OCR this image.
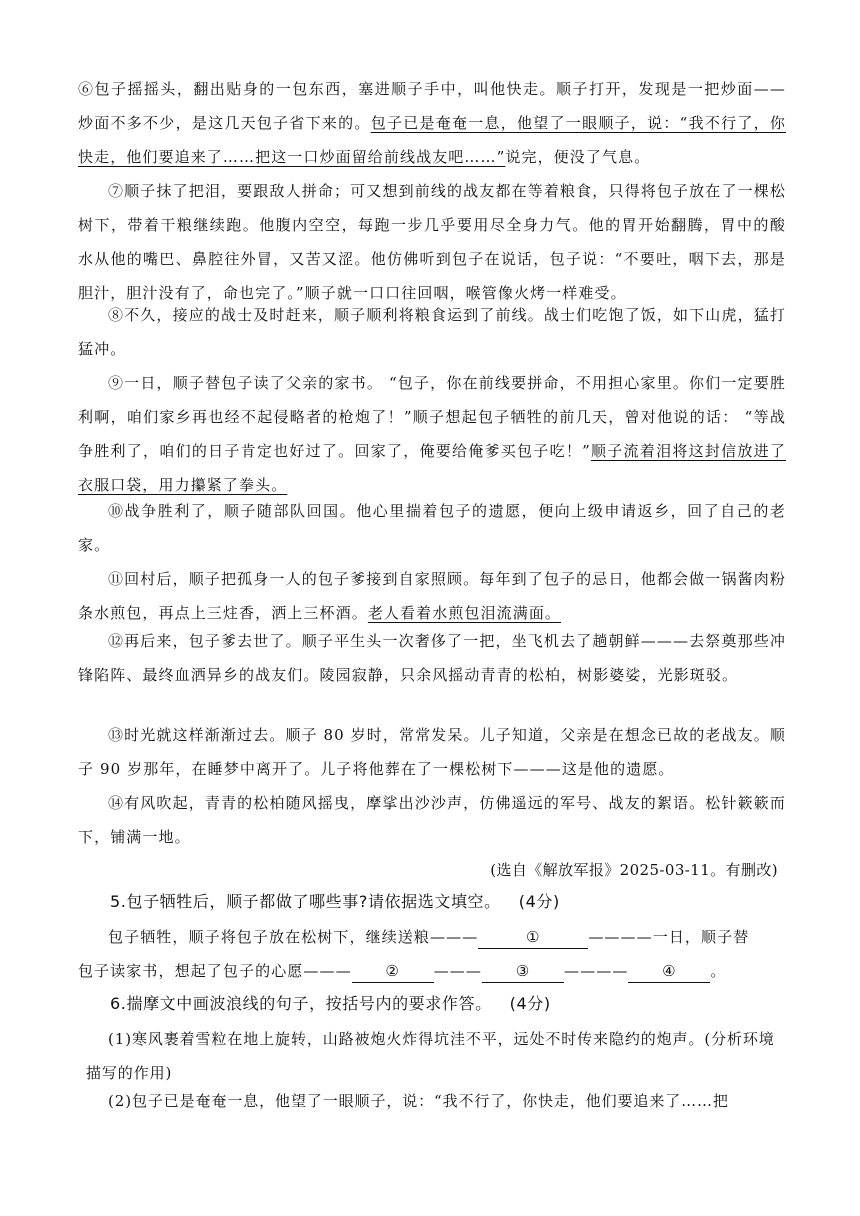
⑥包子摇摇头，翻出贴身的一包东西，塞进顺子手中，叫他快走。顺子打开，发现是一把炒面——炒面不多不少，是这几天包子省下来的。包子已是奄奄一息，他望了一眼顺子，说：“我不行了，你快走，他们要追来了……把这一口炒面留给前线战友吧……”说完，便没了气息。

⑦顺子抹了把泪，要跟敌人拼命；可又想到前线的战友都在等着粮食，只得将包子放在了一棵松树下，带着干粮继续跑。他腹内空空，每跑一步几乎要用尽全身力气。他的胃开始翻腾，胃中的酸水从他的嘴巴、鼻腔往外冒，又苦又涩。他仿佛听到包子在说话，包子说：“不要吐，咽下去，那是胆汁，胆汁没有了，命也完了。”顺子就一口口往回咽，喉管像火烤一样难受。

⑧不久，接应的战士及时赶来，顺子顺利将粮食运到了前线。战士们吃饱了饭，如下山虎，猛打猛冲。

⑨一日，顺子替包子读了父亲的家书。 “包子，你在前线要拼命，不用担心家里。你们一定要胜利啊，咱们家乡再也经不起侵略者的枪炮了！”顺子想起包子牺牲的前几天，曾对他说的话： “等战争胜利了，咱们的日子肯定也好过了。回家了，俺要给俺爹买包子吃！”顺子流着泪将这封信放进了衣服口袋，用力攥紧了拳头。

⑩战争胜利了，顺子随部队回国。他心里揣着包子的遗愿，便向上级申请返乡，回了自己的老家。

⑪回村后，顺子把孤身一人的包子爹接到自家照顾。每年到了包子的忌日，他都会做一锅酱肉粉条水煎包，再点上三炷香，洒上三杯酒。老人看着水煎包泪流满面。

⑫再后来，包子爹去世了。顺子平生头一次奢侈了一把，坐飞机去了趟朝鲜———去祭奠那些冲锋陷阵、最终血洒异乡的战友们。陵园寂静，只余风摇动青青的松柏，树影婆娑，光影斑驳。

⑬时光就这样渐渐过去。顺子 80 岁时，常常发呆。儿子知道，父亲是在想念已故的老战友。顺子 90 岁那年，在睡梦中离开了。儿子将他葬在了一棵松树下———这是他的遗愿。

⑭有风吹起，青青的松柏随风摇曳，摩挲出沙沙声，仿佛遥远的军号、战友的絮语。松针簌簌而下，铺满一地。

(选自《解放军报》2025-03-11。有删改)
5.包子牺牲后，顺子都做了哪些事?请依据选文填空。 (4分)
包子牺牲，顺子将包子放在松树下，继续送粮———	①	————一日，顺子替
包子读家书，想起了包子的心愿——— ② ——— ③ ———— ④ 。
6.揣摩文中画波浪线的句子，按括号内的要求作答。 (4分)

(1)寒风裹着雪粒在地上旋转，山路被炮火炸得坑洼不平，远处不时传来隐约的炮声。(分析环境描写的作用)

(2)包子已是奄奄一息，他望了一眼顺子，说：“我不行了，你快走，他们要追来了……把
